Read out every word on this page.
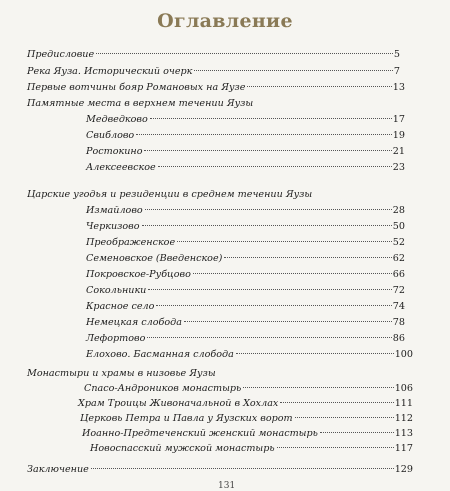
Оглавление
Предисловие	5
Река Яуза. Исторический очерк	7
Первые вотчины бояр Романовых на Яузе	13
Памятные места в верхнем течении Яузы
Медведково	17
Свиблово	19
Ростокино	21
Алексеевское	23
Царские угодья и резиденции в среднем течении Яузы
Измайлово	28
Черкизово	50
Преображенское	52
Семеновское (Введенское)	62
Покровское-Рубцово	66
Сокольники	72
Красное село	74
Немецкая слобода	78
Лефортово	86
Елохово. Басманная слобода	100
Монастыри и храмы в низовье Яузы
Спасо-Андроников монастырь	106
Храм Троицы Живоначальной в Хохлах	111
Церковь Петра и Павла у Яузских ворот	112
Иоанно-Предтеченский женский монастырь	113
Новоспасский мужской монастырь	117
Заключение	129
131
